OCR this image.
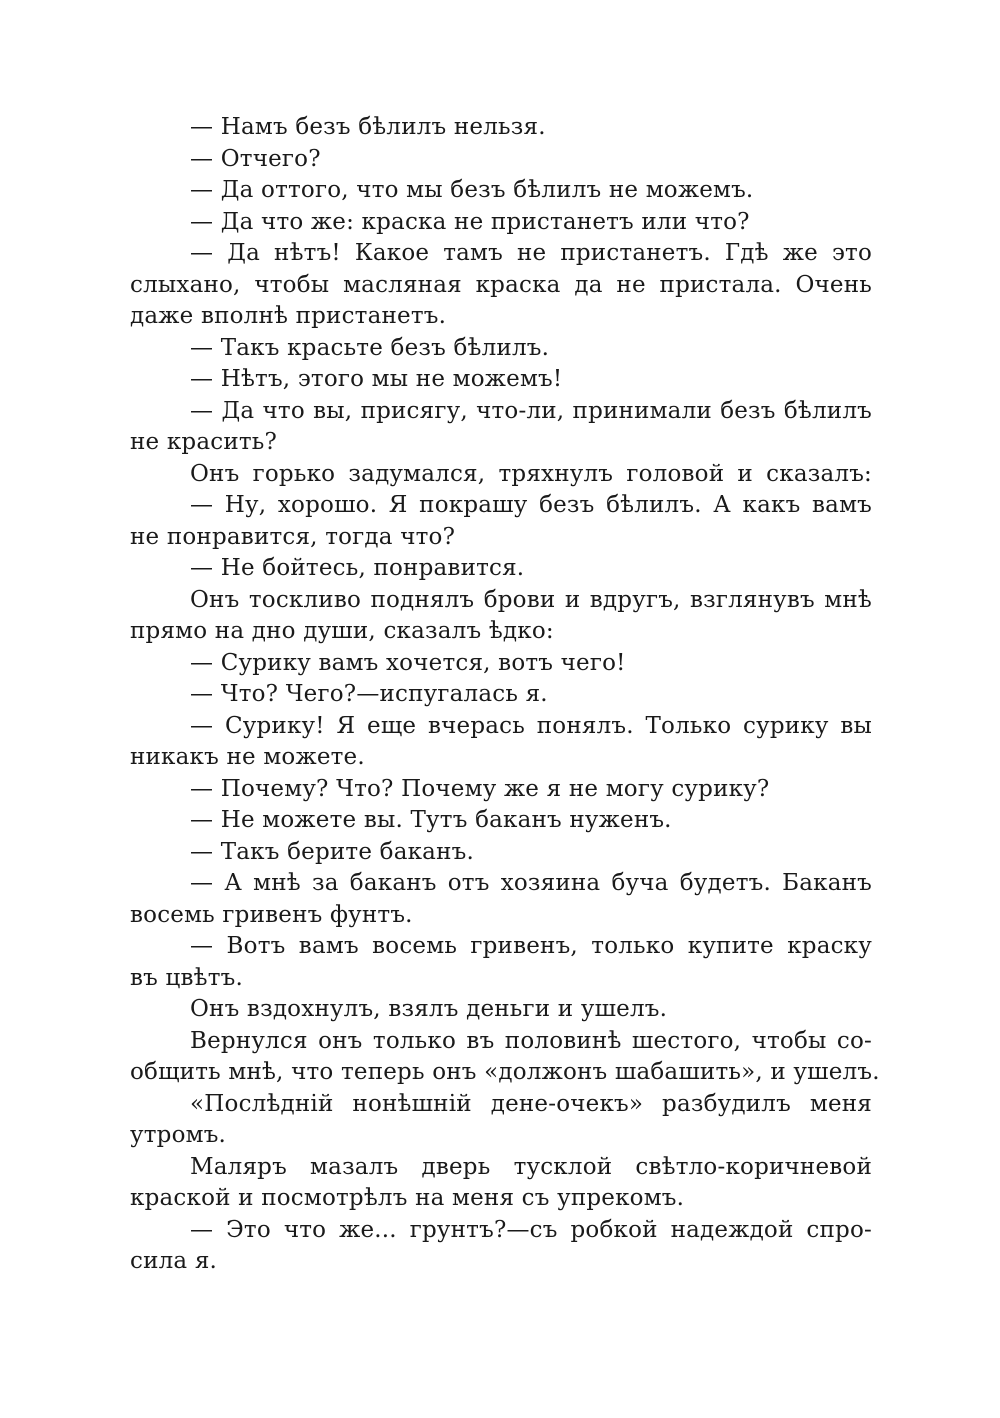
— Намъ безъ бѣлилъ нельзя.
— Отчего?
— Да оттого, что мы безъ бѣлилъ не можемъ.
— Да что же: краска не пристанетъ или что?
— Да нѣтъ! Какое тамъ не пристанетъ. Гдѣ же это
слыхано, чтобы масляная краска да не пристала. Очень
даже вполнѣ пристанетъ.
— Такъ красьте безъ бѣлилъ.
— Нѣтъ, этого мы не можемъ!
— Да что вы, присягу, что-ли, принимали безъ бѣлилъ
не красить?
Онъ горько задумался, тряхнулъ головой и сказалъ:
— Ну, хорошо. Я покрашу безъ бѣлилъ. А какъ вамъ
не понравится, тогда что?
— Не бойтесь, понравится.
Онъ тоскливо поднялъ брови и вдругъ, взглянувъ мнѣ
прямо на дно души, сказалъ ѣдко:
— Сурику вамъ хочется, вотъ чего!
— Что? Чего?—испугалась я.
— Сурику! Я еще вчерась понялъ. Только сурику вы
никакъ не можете.
— Почему? Что? Почему же я не могу сурику?
— Не можете вы. Тутъ баканъ нуженъ.
— Такъ берите баканъ.
— А мнѣ за баканъ отъ хозяина буча будетъ. Баканъ
восемь гривенъ фунтъ.
— Вотъ вамъ восемь гривенъ, только купите краску
въ цвѣтъ.
Онъ вздохнулъ, взялъ деньги и ушелъ.
Вернулся онъ только въ половинѣ шестого, чтобы со-
общить мнѣ, что теперь онъ «должонъ шабашить», и ушелъ.
«Послѣднiй нонѣшнiй дене-очекъ» разбудилъ меня
утромъ.
Маляръ мазалъ дверь тусклой свѣтло-коричневой
краской и посмотрѣлъ на меня съ упрекомъ.
— Это что же... грунтъ?—съ робкой надеждой спро-
сила я.
